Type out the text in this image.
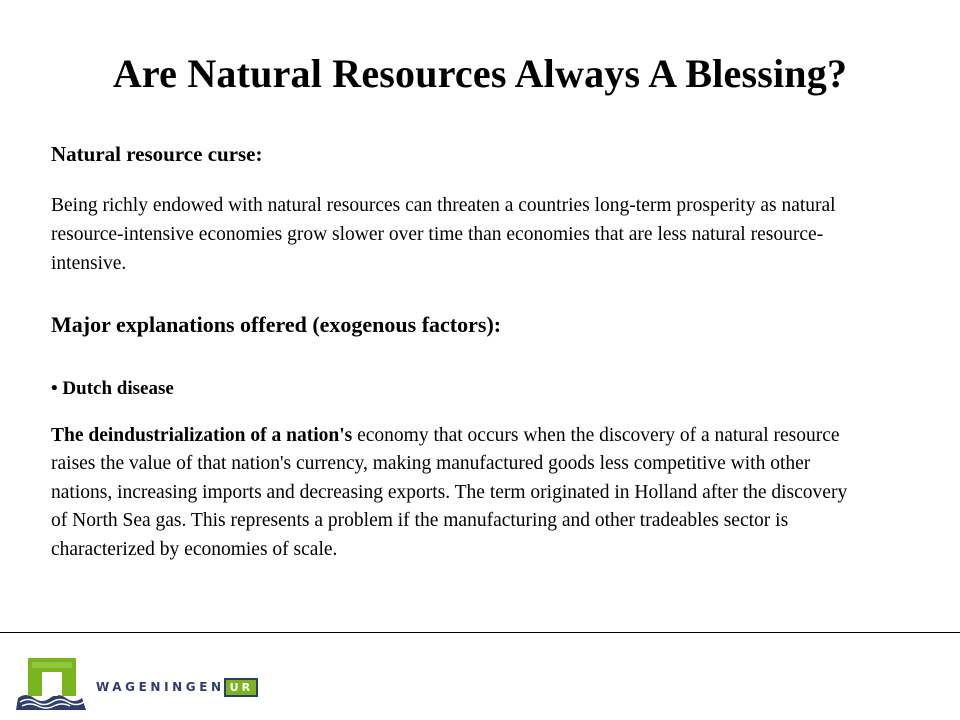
Are Natural Resources Always A Blessing?

Natural resource curse:

Being richly endowed with natural resources can threaten a countries long-term prosperity as natural resource-intensive economies grow slower over time than economies that are less natural resource-intensive.

Major explanations offered (exogenous factors):

• Dutch disease

The deindustrialization of a nation's economy that occurs when the discovery of a natural resource raises the value of that nation's currency, making manufactured goods less competitive with other nations, increasing imports and decreasing exports. The term originated in Holland after the discovery of North Sea gas. This represents a problem if the manufacturing and other tradeables sector is characterized by economies of scale.

WAGENINGEN UR
